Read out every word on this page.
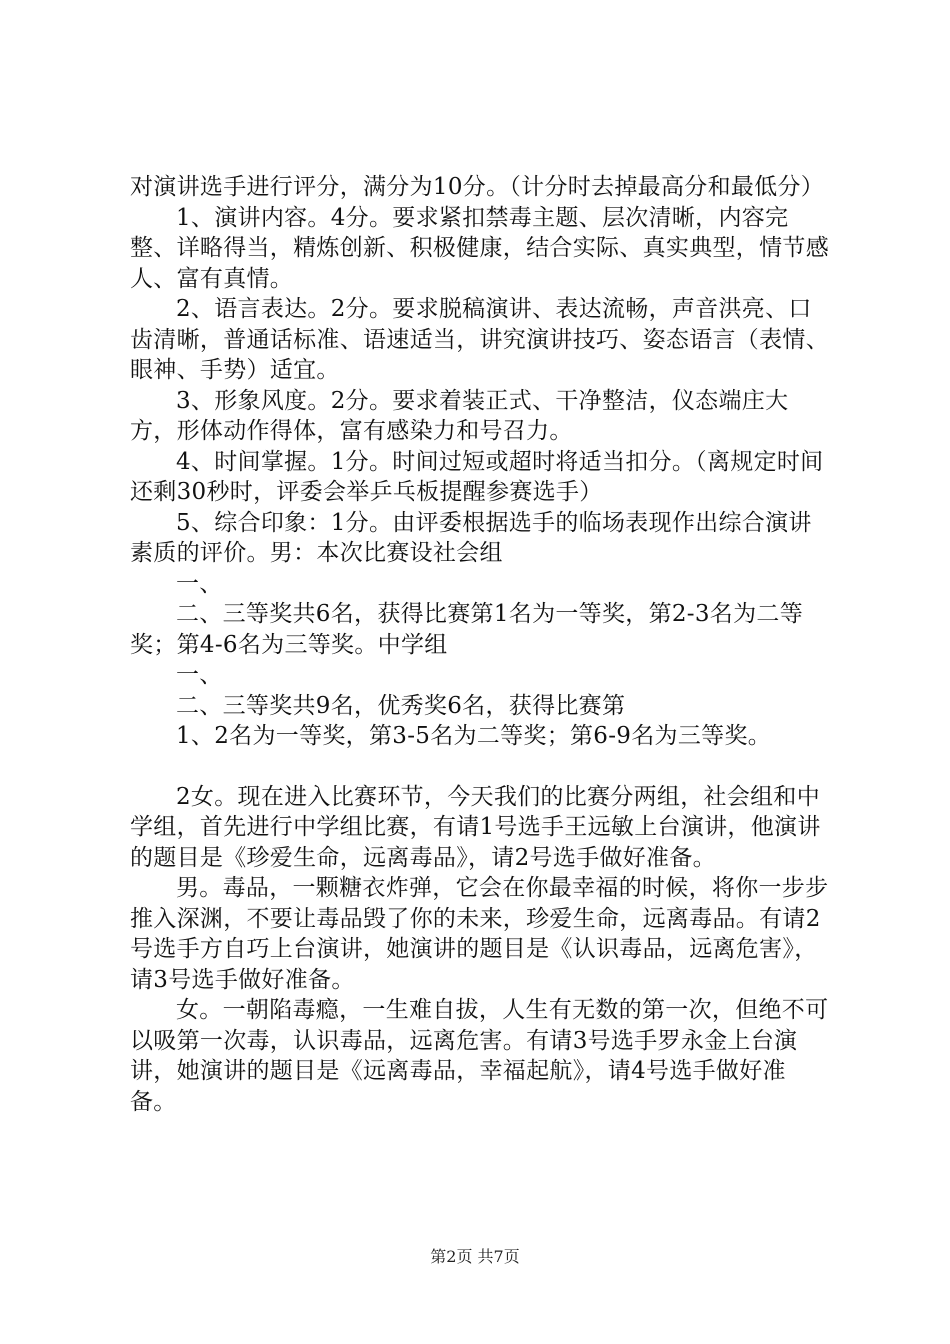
对演讲选手进行评分，满分为10分。（计分时去掉最高分和最低分）

1、演讲内容。4分。要求紧扣禁毒主题、层次清晰，内容完整、详略得当，精炼创新、积极健康，结合实际、真实典型，情节感人、富有真情。

2、语言表达。2分。要求脱稿演讲、表达流畅，声音洪亮、口齿清晰，普通话标准、语速适当，讲究演讲技巧、姿态语言（表情、眼神、手势）适宜。

3、形象风度。2分。要求着装正式、干净整洁，仪态端庄大方，形体动作得体，富有感染力和号召力。

4、时间掌握。1分。时间过短或超时将适当扣分。（离规定时间还剩30秒时，评委会举乒乓板提醒参赛选手）

5、综合印象：1分。由评委根据选手的临场表现作出综合演讲素质的评价。男：本次比赛设社会组

一、

二、三等奖共6名，获得比赛第1名为一等奖，第2-3名为二等奖；第4-6名为三等奖。中学组

一、

二、三等奖共9名，优秀奖6名，获得比赛第

1、2名为一等奖，第3-5名为二等奖；第6-9名为三等奖。

2女。现在进入比赛环节，今天我们的比赛分两组，社会组和中学组，首先进行中学组比赛，有请1号选手王远敏上台演讲，他演讲的题目是《珍爱生命，远离毒品》，请2号选手做好准备。

男。毒品，一颗糖衣炸弹，它会在你最幸福的时候，将你一步步推入深渊，不要让毒品毁了你的未来，珍爱生命，远离毒品。有请2号选手方自巧上台演讲，她演讲的题目是《认识毒品，远离危害》，请3号选手做好准备。

女。一朝陷毒瘾，一生难自拔，人生有无数的第一次，但绝不可以吸第一次毒，认识毒品，远离危害。有请3号选手罗永金上台演讲，她演讲的题目是《远离毒品，幸福起航》，请4号选手做好准备。

第2页 共7页
